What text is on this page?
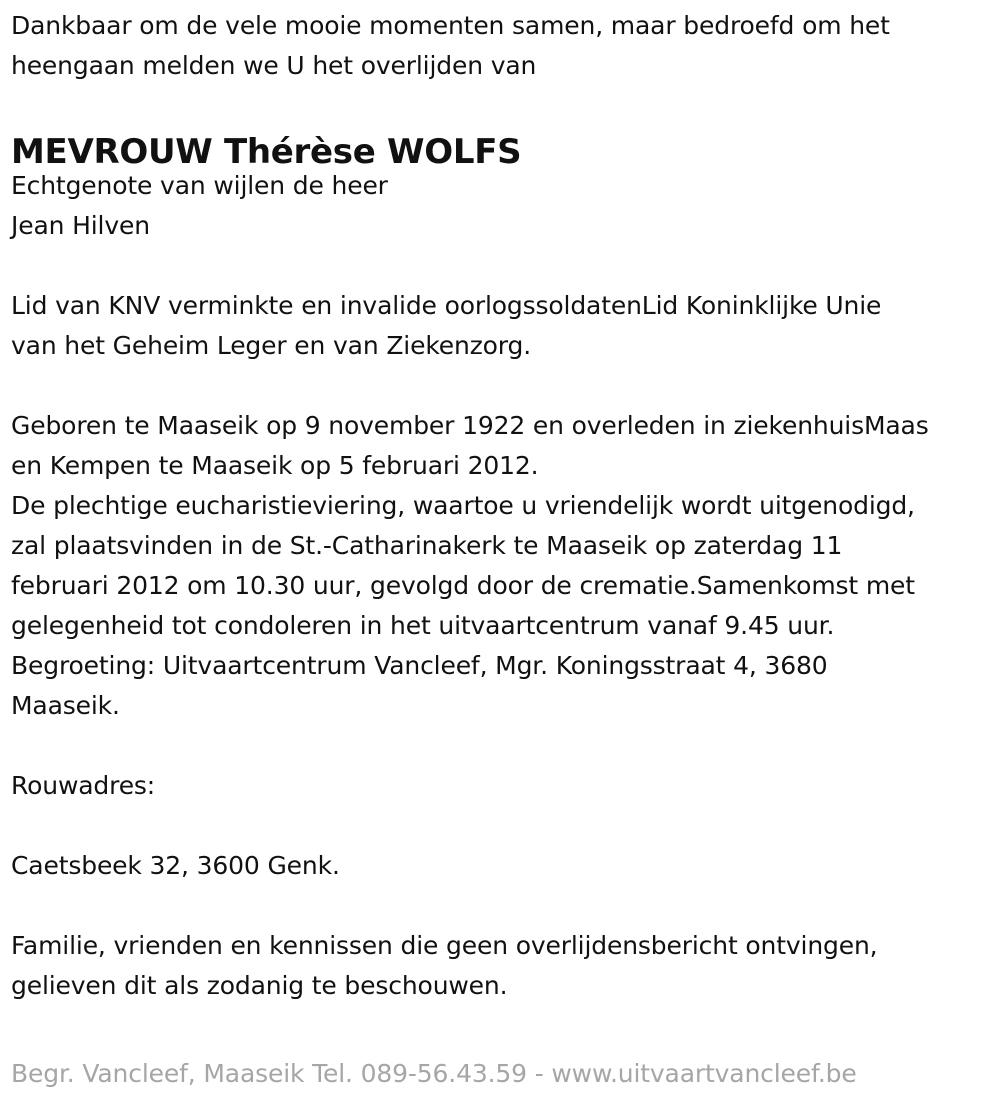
Dankbaar om de vele mooie momenten samen, maar bedroefd om het
heengaan melden we U het overlijden van
MEVROUW Thérèse WOLFS
Echtgenote van wijlen de heer
Jean Hilven
Lid van KNV verminkte en invalide oorlogssoldatenLid Koninklijke Unie
van het Geheim Leger en van Ziekenzorg.
Geboren te Maaseik op 9 november 1922 en overleden in ziekenhuisMaas
en Kempen te Maaseik op 5 februari 2012.
De plechtige eucharistieviering, waartoe u vriendelijk wordt uitgenodigd,
zal plaatsvinden in de St.-Catharinakerk te Maaseik op zaterdag 11
februari 2012 om 10.30 uur, gevolgd door de crematie.Samenkomst met
gelegenheid tot condoleren in het uitvaartcentrum vanaf 9.45 uur.
Begroeting: Uitvaartcentrum Vancleef, Mgr. Koningsstraat 4, 3680
Maaseik.
Rouwadres:
Caetsbeek 32, 3600 Genk.
Familie, vrienden en kennissen die geen overlijdensbericht ontvingen,
gelieven dit als zodanig te beschouwen.
Begr. Vancleef, Maaseik Tel. 089-56.43.59 - www.uitvaartvancleef.be
